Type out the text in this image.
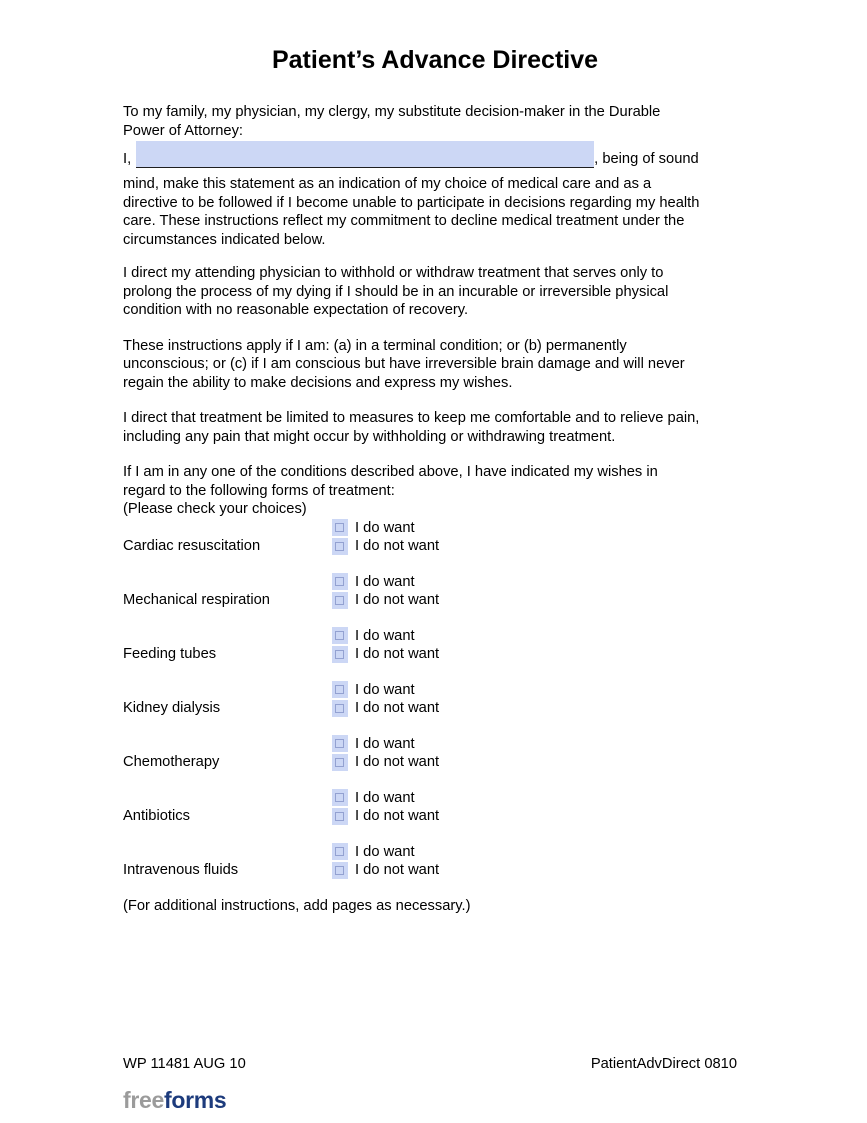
Patient’s Advance Directive
To my family, my physician, my clergy, my substitute decision-maker in the Durable
Power of Attorney:
I,	, being of sound
mind, make this statement as an indication of my choice of medical care and as a
directive to be followed if I become unable to participate in decisions regarding my health
care. These instructions reflect my commitment to decline medical treatment under the
circumstances indicated below.
I direct my attending physician to withhold or withdraw treatment that serves only to
prolong the process of my dying if I should be in an incurable or irreversible physical
condition with no reasonable expectation of recovery.
These instructions apply if I am: (a) in a terminal condition; or (b) permanently
unconscious; or (c) if I am conscious but have irreversible brain damage and will never
regain the ability to make decisions and express my wishes.
I direct that treatment be limited to measures to keep me comfortable and to relieve pain,
including any pain that might occur by withholding or withdrawing treatment.
If I am in any one of the conditions described above, I have indicated my wishes in
regard to the following forms of treatment:
(Please check your choices)
Cardiac resuscitation
I do want
I do not want
Mechanical respiration
I do want
I do not want
Feeding tubes
I do want
I do not want
Kidney dialysis
I do want
I do not want
Chemotherapy
I do want
I do not want
Antibiotics
I do want
I do not want
Intravenous fluids
I do want
I do not want
(For additional instructions, add pages as necessary.)
WP 11481 AUG 10	PatientAdvDirect 0810
freeforms
